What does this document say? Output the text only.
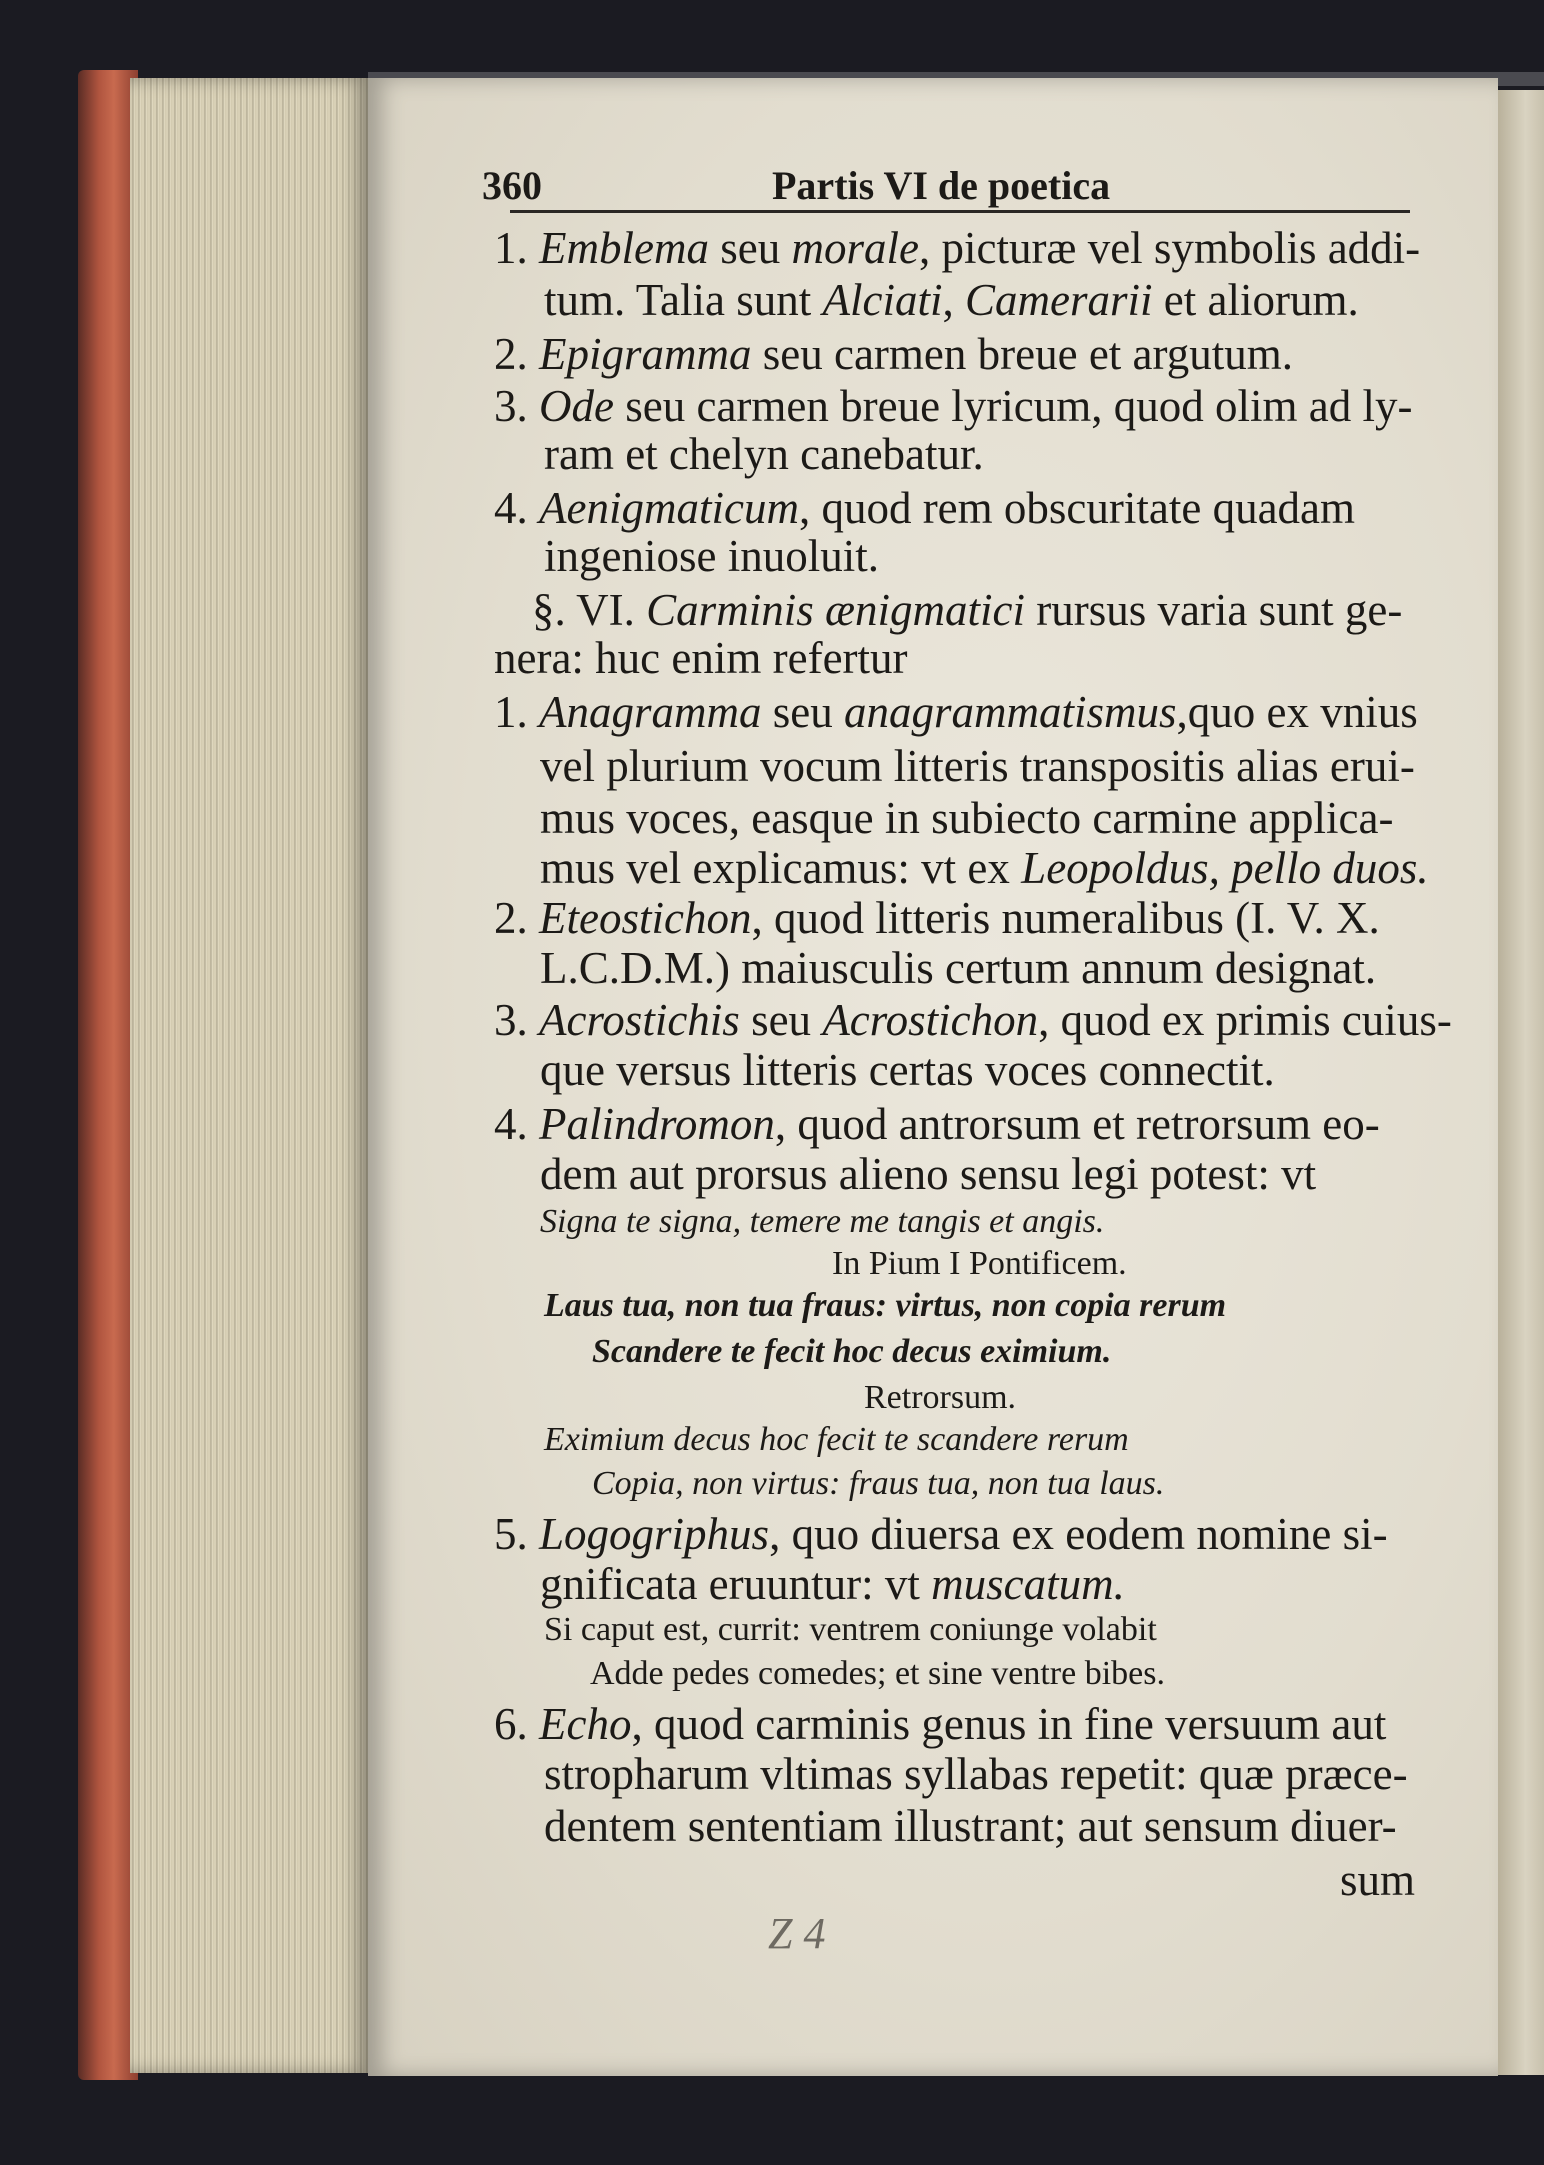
360	Partis VI de poetica
1. Emblema seu morale, picturæ vel symbolis addi-
tum. Talia sunt Alciati, Camerarii et aliorum.
2. Epigramma seu carmen breue et argutum.
3. Ode seu carmen breue lyricum, quod olim ad ly-
ram et chelyn canebatur.
4. Aenigmaticum, quod rem obscuritate quadam
ingeniose inuoluit.
§. VI. Carminis ænigmatici rursus varia sunt ge-
nera: huc enim refertur
1. Anagramma seu anagrammatismus,quo ex vnius
vel plurium vocum litteris transpositis alias erui-
mus voces, easque in subiecto carmine applica-
mus vel explicamus: vt ex Leopoldus, pello duos.
2. Eteostichon, quod litteris numeralibus (I. V. X.
L.C.D.M.) maiusculis certum annum designat.
3. Acrostichis seu Acrostichon, quod ex primis cuius-
que versus litteris certas voces connectit.
4. Palindromon, quod antrorsum et retrorsum eo-
dem aut prorsus alieno sensu legi potest: vt
Signa te signa, temere me tangis et angis.
In Pium I Pontificem.
Laus tua, non tua fraus: virtus, non copia rerum
Scandere te fecit hoc decus eximium.
Retrorsum.
Eximium decus hoc fecit te scandere rerum
Copia, non virtus: fraus tua, non tua laus.
5. Logogriphus, quo diuersa ex eodem nomine si-
gnificata eruuntur: vt muscatum.
Si caput est, currit: ventrem coniunge volabit
Adde pedes comedes; et sine ventre bibes.
6. Echo, quod carminis genus in fine versuum aut
stropharum vltimas syllabas repetit: quæ præce-
dentem sententiam illustrant; aut sensum diuer-
sum
Z 4
